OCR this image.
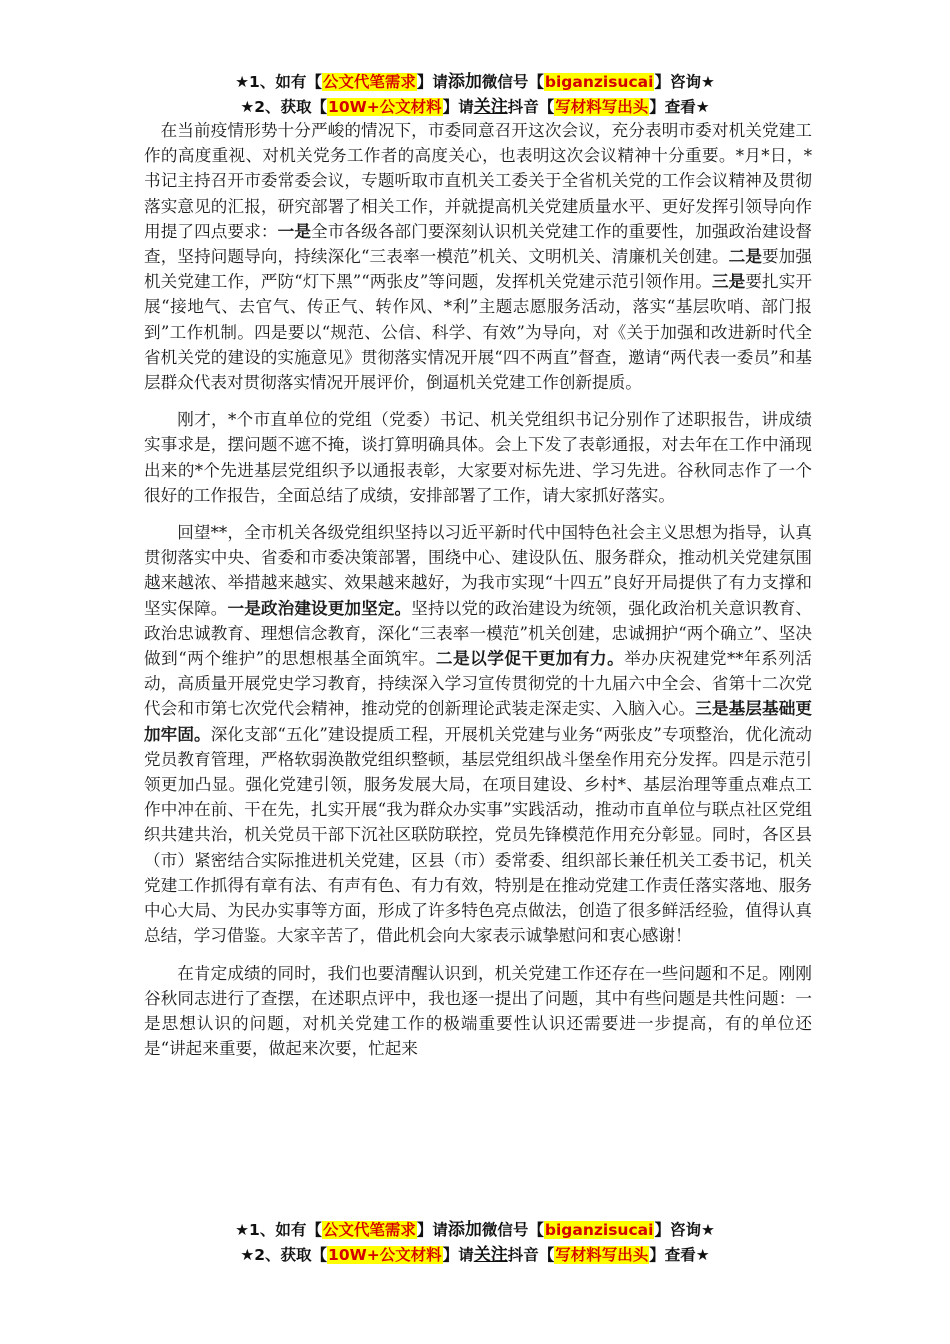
★1、如有【公文代笔需求】请添加微信号【biganzisucai】咨询★
★2、获取【10W+公文材料】请关注抖音【写材料写出头】查看★

在当前疫情形势十分严峻的情况下，市委同意召开这次会议，充分表明市委对机关党建工作的高度重视、对机关党务工作者的高度关心，也表明这次会议精神十分重要。*月*日，*书记主持召开市委常委会议，专题听取市直机关工委关于全省机关党的工作会议精神及贯彻落实意见的汇报，研究部署了相关工作，并就提高机关党建质量水平、更好发挥引领导向作用提了四点要求：一是全市各级各部门要深刻认识机关党建工作的重要性，加强政治建设督查，坚持问题导向，持续深化“三表率一模范”机关、文明机关、清廉机关创建。二是要加强机关党建工作，严防“灯下黑”“两张皮”等问题，发挥机关党建示范引领作用。三是要扎实开展“接地气、去官气、传正气、转作风、*利”主题志愿服务活动，落实“基层吹哨、部门报到”工作机制。四是要以“规范、公信、科学、有效”为导向，对《关于加强和改进新时代全省机关党的建设的实施意见》贯彻落实情况开展“四不两直”督查，邀请“两代表一委员”和基层群众代表对贯彻落实情况开展评价，倒逼机关党建工作创新提质。

刚才，*个市直单位的党组（党委）书记、机关党组织书记分别作了述职报告，讲成绩实事求是，摆问题不遮不掩，谈打算明确具体。会上下发了表彰通报，对去年在工作中涌现出来的*个先进基层党组织予以通报表彰，大家要对标先进、学习先进。谷秋同志作了一个很好的工作报告，全面总结了成绩，安排部署了工作，请大家抓好落实。

回望**，全市机关各级党组织坚持以习近平新时代中国特色社会主义思想为指导，认真贯彻落实中央、省委和市委决策部署，围绕中心、建设队伍、服务群众，推动机关党建氛围越来越浓、举措越来越实、效果越来越好，为我市实现“十四五”良好开局提供了有力支撑和坚实保障。一是政治建设更加坚定。坚持以党的政治建设为统领，强化政治机关意识教育、政治忠诚教育、理想信念教育，深化“三表率一模范”机关创建，忠诚拥护“两个确立”、坚决做到“两个维护”的思想根基全面筑牢。二是以学促干更加有力。举办庆祝建党**年系列活动，高质量开展党史学习教育，持续深入学习宣传贯彻党的十九届六中全会、省第十二次党代会和市第七次党代会精神，推动党的创新理论武装走深走实、入脑入心。三是基层基础更加牢固。深化支部“五化”建设提质工程，开展机关党建与业务“两张皮”专项整治，优化流动党员教育管理，严格软弱涣散党组织整顿，基层党组织战斗堡垒作用充分发挥。四是示范引领更加凸显。强化党建引领，服务发展大局，在项目建设、乡村*、基层治理等重点难点工作中冲在前、干在先，扎实开展“我为群众办实事”实践活动，推动市直单位与联点社区党组织共建共治，机关党员干部下沉社区联防联控，党员先锋模范作用充分彰显。同时，各区县（市）紧密结合实际推进机关党建，区县（市）委常委、组织部长兼任机关工委书记，机关党建工作抓得有章有法、有声有色、有力有效，特别是在推动党建工作责任落实落地、服务中心大局、为民办实事等方面，形成了许多特色亮点做法，创造了很多鲜活经验，值得认真总结，学习借鉴。大家辛苦了，借此机会向大家表示诚挚慰问和衷心感谢！

在肯定成绩的同时，我们也要清醒认识到，机关党建工作还存在一些问题和不足。刚刚谷秋同志进行了查摆，在述职点评中，我也逐一提出了问题，其中有些问题是共性问题：一是思想认识的问题，对机关党建工作的极端重要性认识还需要进一步提高，有的单位还是“讲起来重要，做起来次要，忙起来

★1、如有【公文代笔需求】请添加微信号【biganzisucai】咨询★
★2、获取【10W+公文材料】请关注抖音【写材料写出头】查看★
